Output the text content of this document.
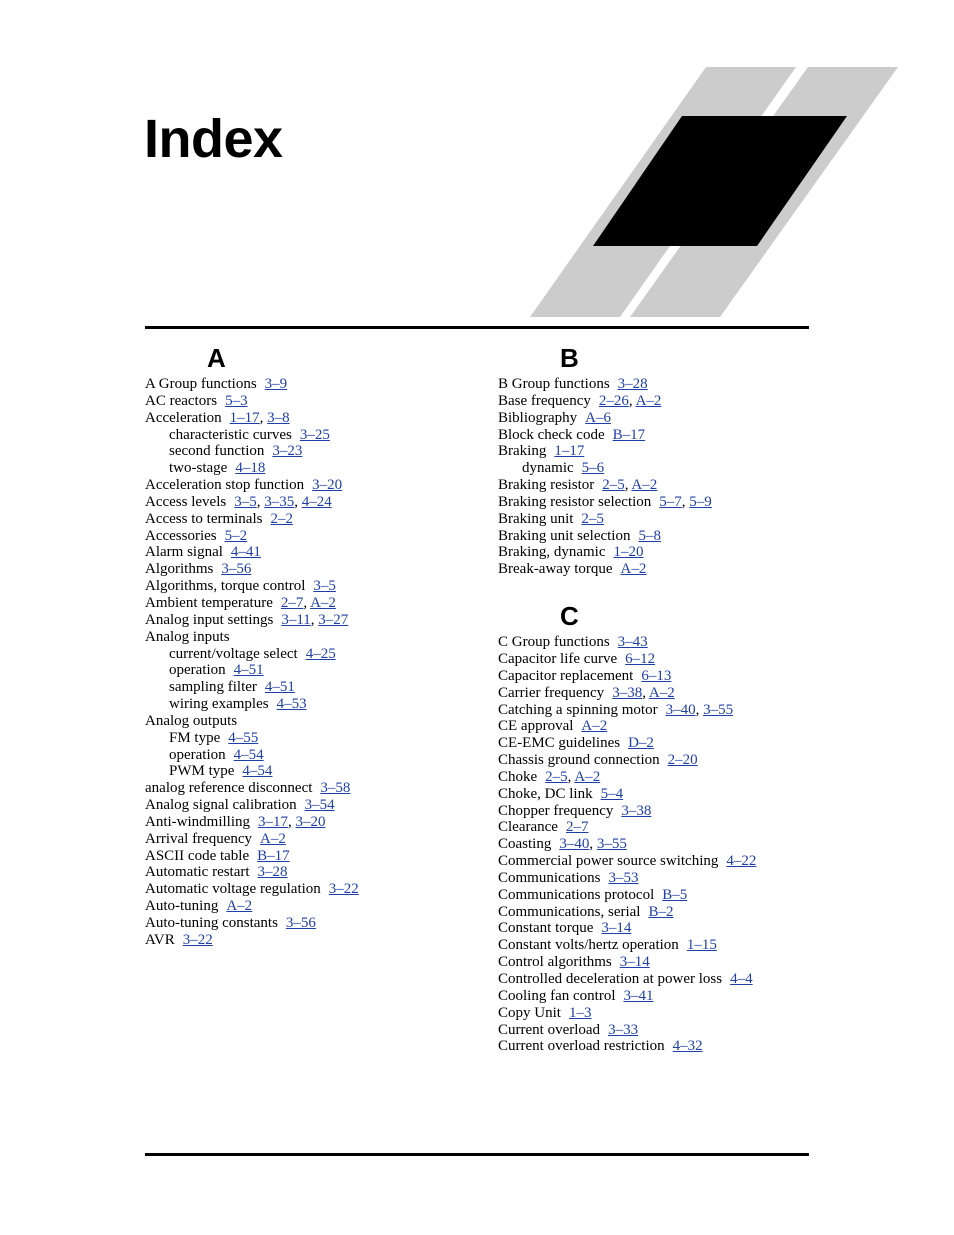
Index
A
A Group functions 3–9
AC reactors 5–3
Acceleration 1–17, 3–8
characteristic curves 3–25
second function 3–23
two-stage 4–18
Acceleration stop function 3–20
Access levels 3–5, 3–35, 4–24
Access to terminals 2–2
Accessories 5–2
Alarm signal 4–41
Algorithms 3–56
Algorithms, torque control 3–5
Ambient temperature 2–7, A–2
Analog input settings 3–11, 3–27
Analog inputs
current/voltage select 4–25
operation 4–51
sampling filter 4–51
wiring examples 4–53
Analog outputs
FM type 4–55
operation 4–54
PWM type 4–54
analog reference disconnect 3–58
Analog signal calibration 3–54
Anti-windmilling 3–17, 3–20
Arrival frequency A–2
ASCII code table B–17
Automatic restart 3–28
Automatic voltage regulation 3–22
Auto-tuning A–2
Auto-tuning constants 3–56
AVR 3–22
B
B Group functions 3–28
Base frequency 2–26, A–2
Bibliography A–6
Block check code B–17
Braking 1–17
dynamic 5–6
Braking resistor 2–5, A–2
Braking resistor selection 5–7, 5–9
Braking unit 2–5
Braking unit selection 5–8
Braking, dynamic 1–20
Break-away torque A–2
C
C Group functions 3–43
Capacitor life curve 6–12
Capacitor replacement 6–13
Carrier frequency 3–38, A–2
Catching a spinning motor 3–40, 3–55
CE approval A–2
CE-EMC guidelines D–2
Chassis ground connection 2–20
Choke 2–5, A–2
Choke, DC link 5–4
Chopper frequency 3–38
Clearance 2–7
Coasting 3–40, 3–55
Commercial power source switching 4–22
Communications 3–53
Communications protocol B–5
Communications, serial B–2
Constant torque 3–14
Constant volts/hertz operation 1–15
Control algorithms 3–14
Controlled deceleration at power loss 4–4
Cooling fan control 3–41
Copy Unit 1–3
Current overload 3–33
Current overload restriction 4–32
